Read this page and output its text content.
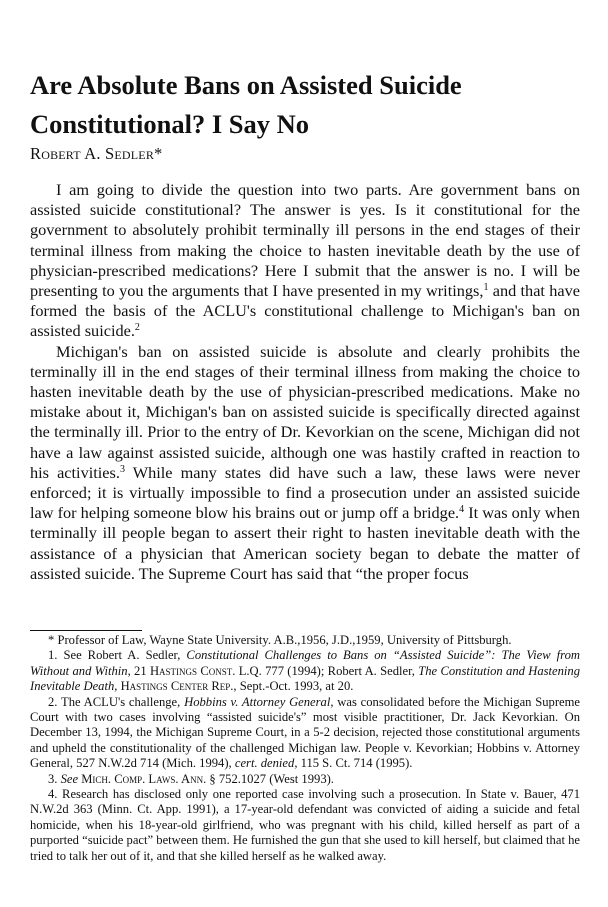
Are Absolute Bans on Assisted Suicide
Constitutional? I Say No
Robert A. Sedler*

I am going to divide the question into two parts. Are government bans on assisted suicide constitutional? The answer is yes. Is it constitutional for the government to absolutely prohibit terminally ill persons in the end stages of their terminal illness from making the choice to hasten inevitable death by the use of physician-prescribed medications? Here I submit that the answer is no. I will be presenting to you the arguments that I have presented in my writings,$^1$ and that have formed the basis of the ACLU's constitutional challenge to Michigan's ban on assisted suicide.$^2$

Michigan's ban on assisted suicide is absolute and clearly prohibits the terminally ill in the end stages of their terminal illness from making the choice to hasten inevitable death by the use of physician-prescribed medications. Make no mistake about it, Michigan's ban on assisted suicide is specifically directed against the terminally ill. Prior to the entry of Dr. Kevorkian on the scene, Michigan did not have a law against assisted suicide, although one was hastily crafted in reaction to his activities.$^3$ While many states did have such a law, these laws were never enforced; it is virtually impossible to find a prosecution under an assisted suicide law for helping someone blow his brains out or jump off a bridge.$^4$ It was only when terminally ill people began to assert their right to hasten inevitable death with the assistance of a physician that American society began to debate the matter of assisted suicide. The Supreme Court has said that “the proper focus

* Professor of Law, Wayne State University. A.B.,1956, J.D.,1959, University of Pittsburgh.

1. See Robert A. Sedler, Constitutional Challenges to Bans on “Assisted Suicide”: The View from Without and Within, 21 Hastings Const. L.Q. 777 (1994); Robert A. Sedler, The Constitution and Hastening Inevitable Death, Hastings Center Rep., Sept.-Oct. 1993, at 20.

2. The ACLU's challenge, Hobbins v. Attorney General, was consolidated before the Michigan Supreme Court with two cases involving “assisted suicide's” most visible practitioner, Dr. Jack Kevorkian. On December 13, 1994, the Michigan Supreme Court, in a 5-2 decision, rejected those constitutional arguments and upheld the constitutionality of the challenged Michigan law. People v. Kevorkian; Hobbins v. Attorney General, 527 N.W.2d 714 (Mich. 1994), cert. denied, 115 S. Ct. 714 (1995).

3. See Mich. Comp. Laws. Ann. § 752.1027 (West 1993).

4. Research has disclosed only one reported case involving such a prosecution. In State v. Bauer, 471 N.W.2d 363 (Minn. Ct. App. 1991), a 17-year-old defendant was convicted of aiding a suicide and fetal homicide, when his 18-year-old girlfriend, who was pregnant with his child, killed herself as part of a purported “suicide pact” between them. He furnished the gun that she used to kill herself, but claimed that he tried to talk her out of it, and that she killed herself as he walked away.
